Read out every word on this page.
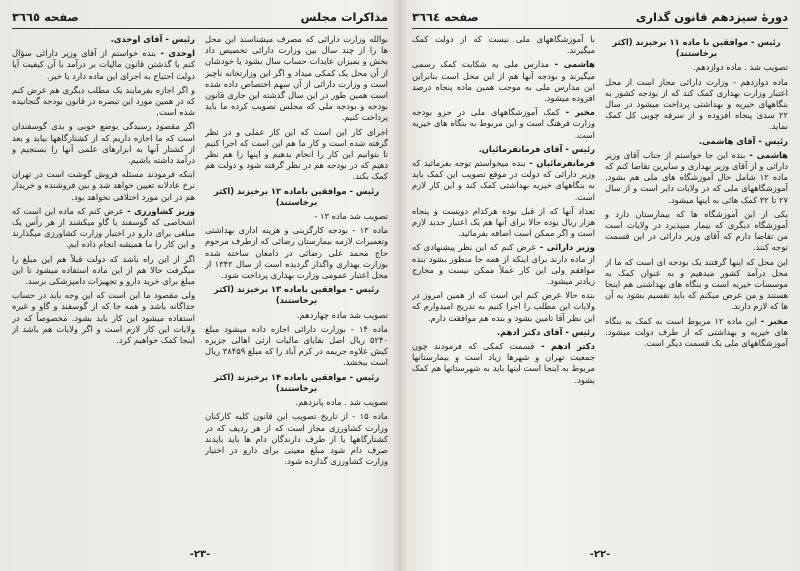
مذاکرات مجلس
صفحه ٣٦٦٥

بوالله وزارت دارائی که مصرف میشناسند این محل ها را از چند سال بین وزارت دارائی تخصیص داد بخش و بمیزان عایدات حساب سال بشود یا خودشان از آن محل یک کمکی میداد و اگر این وزارتخانه ناچیز است و وزارت دارائی از آن سهم اختصاص داده شده است همین طور در این سال گذشته این جاری قانون بودجه و بودجه ملی که مجلس تصویب کرده ما باید پرداخت کنیم.

اجرای کار این است که این کار عملی و در نظر گرفته شده است و کار ما هم این است که اجرا کنیم تا بتوانیم این کار را انجام بدهیم و اینها را هم نظر دهیم که در بودجه هم در نظر گرفته شود و دولت هم کمک بکند.

رئیس - موافقین باماده ۱۲ برخیزند (اکثر برخاستند)

تصویب شد ماده ۱۳ -

ماده ۱۳ - بودجه کارگزینی و هزینه اداری بهداشتی وتعمیرات لازمه بیمارستان رضائی که ازطرف مرحوم حاج محمد علی رضائی در دامغان ساخته شده بوزارت بهداری واگذار گردیده است از سال ۱۳۴۲ از محل اعتبار عمومی وزارت بهداری پرداخت شود.

رئیس - موافقین باماده ۱۳ برخیزند (اکثر برخاستند)

تصویب شد ماده چهاردهم.

ماده ۱۴ - بوزارت دارائی اجازه داده میشود مبلغ ۵۲۴۰ ریال اصل بقایای مالیات ارثی اهالی جزیره کیش علاوه جریمه در کرم آباد را که مبلغ ۳۸۴۵۹ ریال است ببخشد.

رئیس - موافقین باماده ۱۴ برخیزند (اکثر برخاستند)

تصویب شد . ماده پانزدهم.

ماده ۱۵ - از تاریخ تصویب این قانون کلیه کارکنان وزارت کشاورزی مجاز است که از هر ردیف که در کشتارگاهها یا از طرف دارندگان دام ها باید بایدند صرف دام شود مبلغ معینی برای دارو در اختیار وزارت کشاورزی گذارده شود.

رئیس - آقای اوحدی.

اوحدی - بنده خواستم از آقای وزیر دارائی سؤال کنم با گذشتن قانون مالیات بر درآمد با آن کیفیت آیا دولت احتیاج به اجرای این ماده دارد یا خیر.

و اگر اجازه بفرمایند یک مطلب دیگری هم عرض کنم که در همین مورد این تبصره در قانون بودجه گنجانیده شده است.

اگر مقصود رسیدگی بوضع خوبی و بدی گوسفندان است که ما اجازه داریم که از کشتارگاهها بیاید و بعد از کشتار آنها به ابزارهای علمی آنها را بسنجیم و درآمد داشته باشیم.

اینکه فرمودند مسئله فروش گوشت است در تهران نرخ عادلانه تعیین خواهد شد و بین فروشنده و خریدار هم در این مورد اختلافی نخواهد بود.

وزیر کشاورزی - عرض کنم که ماده این است که اشخاصی که گوسفند یا گاو میکشند از هر رأس یک مبلغی برای دارو در اختیار وزارت کشاورزی میگذارند و این کار را ما همیشه انجام داده ایم.

اگر از این راه باشد که دولت قبلاً هم این مبلغ را میگرفت حالا هم از این ماده استفاده میشود تا این مبلغ برای خرید دارو و تجهیزات دامپزشکی برسد.

ولی مقصود ما این است که این وجه باید در حساب جداگانه باشد و همه جا که از گوسفند و گاو و غیره استفاده میشود این کار باید بشود. مخصوصاً که در ولایات این کار لازم است و اگر ولایات هم باشد از اینجا کمک خواهیم کرد.

-٢٣-
دورهٔ سیزدهم قانون گذاری
صفحه ٣٦٦٤

رئیس - موافقین با ماده ۱۱ برخیزند (اکثر برخاستند)

تصویب شد . ماده دوازدهم.

ماده دوازدهم - وزارت دارائی مجاز است از محل اعتبار وزارت بهداری کمک کند که از بودجه کشور به بنگاههای خیریه و بهداشتی پرداخت میشود در سال ۲۲ سدی پنجاه افزوده و از سرفه چوبی کل کمک نماید.

رئیس - آقای هاشمی.

هاشمی - بنده این جا خواستم از جناب آقای وزیر دارائی و از آقای وزیر بهداری و سایرین تقاضا کنم که ماده ۱۲ شامل حال آموزشگاه های ملی هم بشود. آموزشگاههای ملی که در ولایات دایر است و از سال ۲۷ تا ۳۲ کمک هائی به اینها میشود.

یکی از این آموزشگاه ها که بیمارستان دارد و آموزشگاه دیگری که بیمار میپذیرد در ولایات است من تقاضا دارم که آقای وزیر دارائی در این قسمت توجه کنند.

این محل که اینها گرفتند یک بودجه ای است که ما از محل درآمد کشور میدهیم و به عنوان کمک به موسسات خیریه است و بنگاه های بهداشتی هم اینجا هستند و من عرض میکنم که باید تقسیم بشود به آن ها که لازم دارند.

مخبر - این ماده ۱۲ مربوط است به کمک به بنگاه های خیریه و بهداشتی که از طرف دولت میشود. آموزشگاههای ملی یک قسمت دیگر است.

با آموزشگاههای ملی نیست که از دولت کمک میگیرند.

هاشمی - مدارس ملی به شکایت کمک رسمی میگیرند و بودجه آنها هم از این محل است بنابراین این مدارس ملی به موجب همین ماده پنجاه درصد افزوده میشود.

مخبر - کمک آموزشگاههای ملی در جزو بودجه وزارت فرهنگ است و این مربوط به بنگاه های خیریه است.

رئیس - آقای فرمانفرمائیان.

فرمانفرمائیان - بنده میخواستم توجه بفرمائید که وزیر دارائی که دولت در موقع تصویب این کمک باید به بنگاههای خیریه بهداشتی کمک کند و این کار لازم است.

تعداد آنها که از قبل بوده هرکدام دویست و پنجاه هزار ریال بوده حالا برای آنها هم یک اعتبار جدید لازم است و اگر ممکن است اضافه بفرمائید.

وزیر دارائی - عرض کنم که این نظر پیشنهادی که از ماده دارند برای اینکه از همه جا منظور بشود بنده موافقم ولی این کار عملاً ممکن نیست و مخارج زیادتر میشود.

بنده حالا عرض کنم این است که از همین امروز در ولایات این مطلب را اجرا کنیم به تدریج امیدوارم که این نظر آقا تامین بشود و بنده هم موافقت دارم.

رئیس - آقای دکتر ادهم.

دکتر ادهم - قسمت کمکی که فرمودند چون جمعیت تهران و شهرها زیاد است و بیمارستانها مربوط به اینجا است اینها باید به شهرستانها هم کمک بشود.

-٢٢-
